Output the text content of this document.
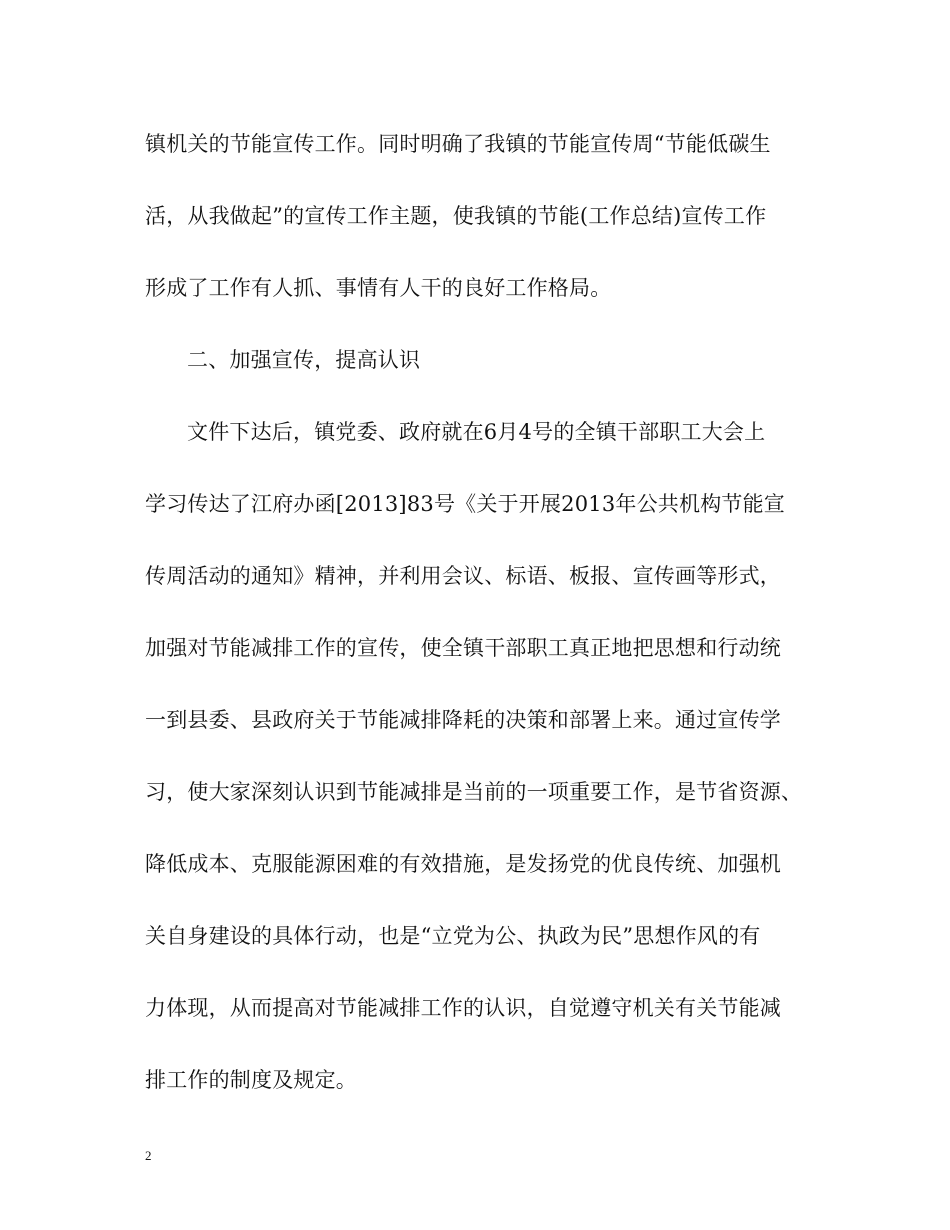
镇机关的节能宣传工作。同时明确了我镇的节能宣传周“节能低碳生
活，从我做起”的宣传工作主题，使我镇的节能(工作总结)宣传工作
形成了工作有人抓、事情有人干的良好工作格局。
二、加强宣传，提高认识
文件下达后，镇党委、政府就在6月4号的全镇干部职工大会上
学习传达了江府办函[2013]83号《关于开展2013年公共机构节能宣
传周活动的通知》精神，并利用会议、标语、板报、宣传画等形式，
加强对节能减排工作的宣传，使全镇干部职工真正地把思想和行动统
一到县委、县政府关于节能减排降耗的决策和部署上来。通过宣传学
习，使大家深刻认识到节能减排是当前的一项重要工作，是节省资源、
降低成本、克服能源困难的有效措施，是发扬党的优良传统、加强机
关自身建设的具体行动，也是“立党为公、执政为民”思想作风的有
力体现，从而提高对节能减排工作的认识，自觉遵守机关有关节能减
排工作的制度及规定。
2
